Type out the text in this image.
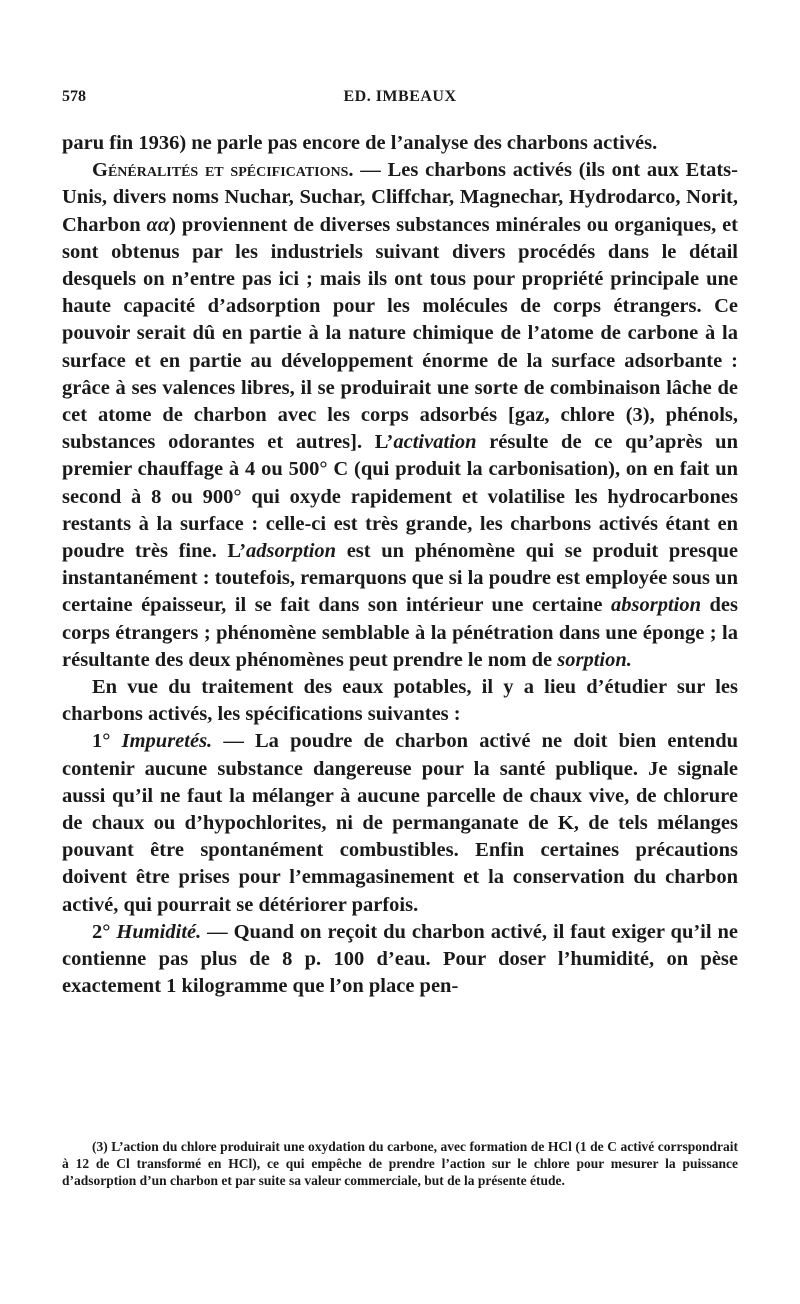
578	ED. IMBEAUX

paru fin 1936) ne parle pas encore de l’analyse des charbons activés.

Généralités et spécifications. — Les charbons activés (ils ont aux Etats-Unis, divers noms Nuchar, Suchar, Cliffchar, Magnechar, Hydrodarco, Norit, Charbon αα) proviennent de diverses substances minérales ou organiques, et sont obtenus par les industriels suivant divers procédés dans le détail desquels on n’entre pas ici ; mais ils ont tous pour propriété principale une haute capacité d’adsorption pour les molécules de corps étrangers. Ce pouvoir serait dû en partie à la nature chimique de l’atome de carbone à la surface et en partie au développement énorme de la surface adsorbante : grâce à ses valences libres, il se produirait une sorte de combinaison lâche de cet atome de charbon avec les corps adsorbés [gaz, chlore (3), phénols, substances odorantes et autres]. L’activation résulte de ce qu’après un premier chauffage à 4 ou 500° C (qui produit la carbonisation), on en fait un second à 8 ou 900° qui oxyde rapidement et volatilise les hydrocarbones restants à la surface : celle-ci est très grande, les charbons activés étant en poudre très fine. L’adsorption est un phénomène qui se produit presque instantanément : toutefois, remarquons que si la poudre est employée sous un certaine épaisseur, il se fait dans son intérieur une certaine absorption des corps étrangers ; phénomène semblable à la pénétration dans une éponge ; la résultante des deux phénomènes peut prendre le nom de sorption.

En vue du traitement des eaux potables, il y a lieu d’étudier sur les charbons activés, les spécifications suivantes :

1° Impuretés. — La poudre de charbon activé ne doit bien entendu contenir aucune substance dangereuse pour la santé publique. Je signale aussi qu’il ne faut la mélanger à aucune parcelle de chaux vive, de chlorure de chaux ou d’hypochlorites, ni de permanganate de K, de tels mélanges pouvant être spontanément combustibles. Enfin certaines précautions doivent être prises pour l’emmagasinement et la conservation du charbon activé, qui pourrait se détériorer parfois.

2° Humidité. — Quand on reçoit du charbon activé, il faut exiger qu’il ne contienne pas plus de 8 p. 100 d’eau. Pour doser l’humidité, on pèse exactement 1 kilogramme que l’on place pen-

(3) L’action du chlore produirait une oxydation du carbone, avec formation de HCl (1 de C activé corrspondrait à 12 de Cl transformé en HCl), ce qui empêche de prendre l’action sur le chlore pour mesurer la puissance d’adsorption d’un charbon et par suite sa valeur commerciale, but de la présente étude.
